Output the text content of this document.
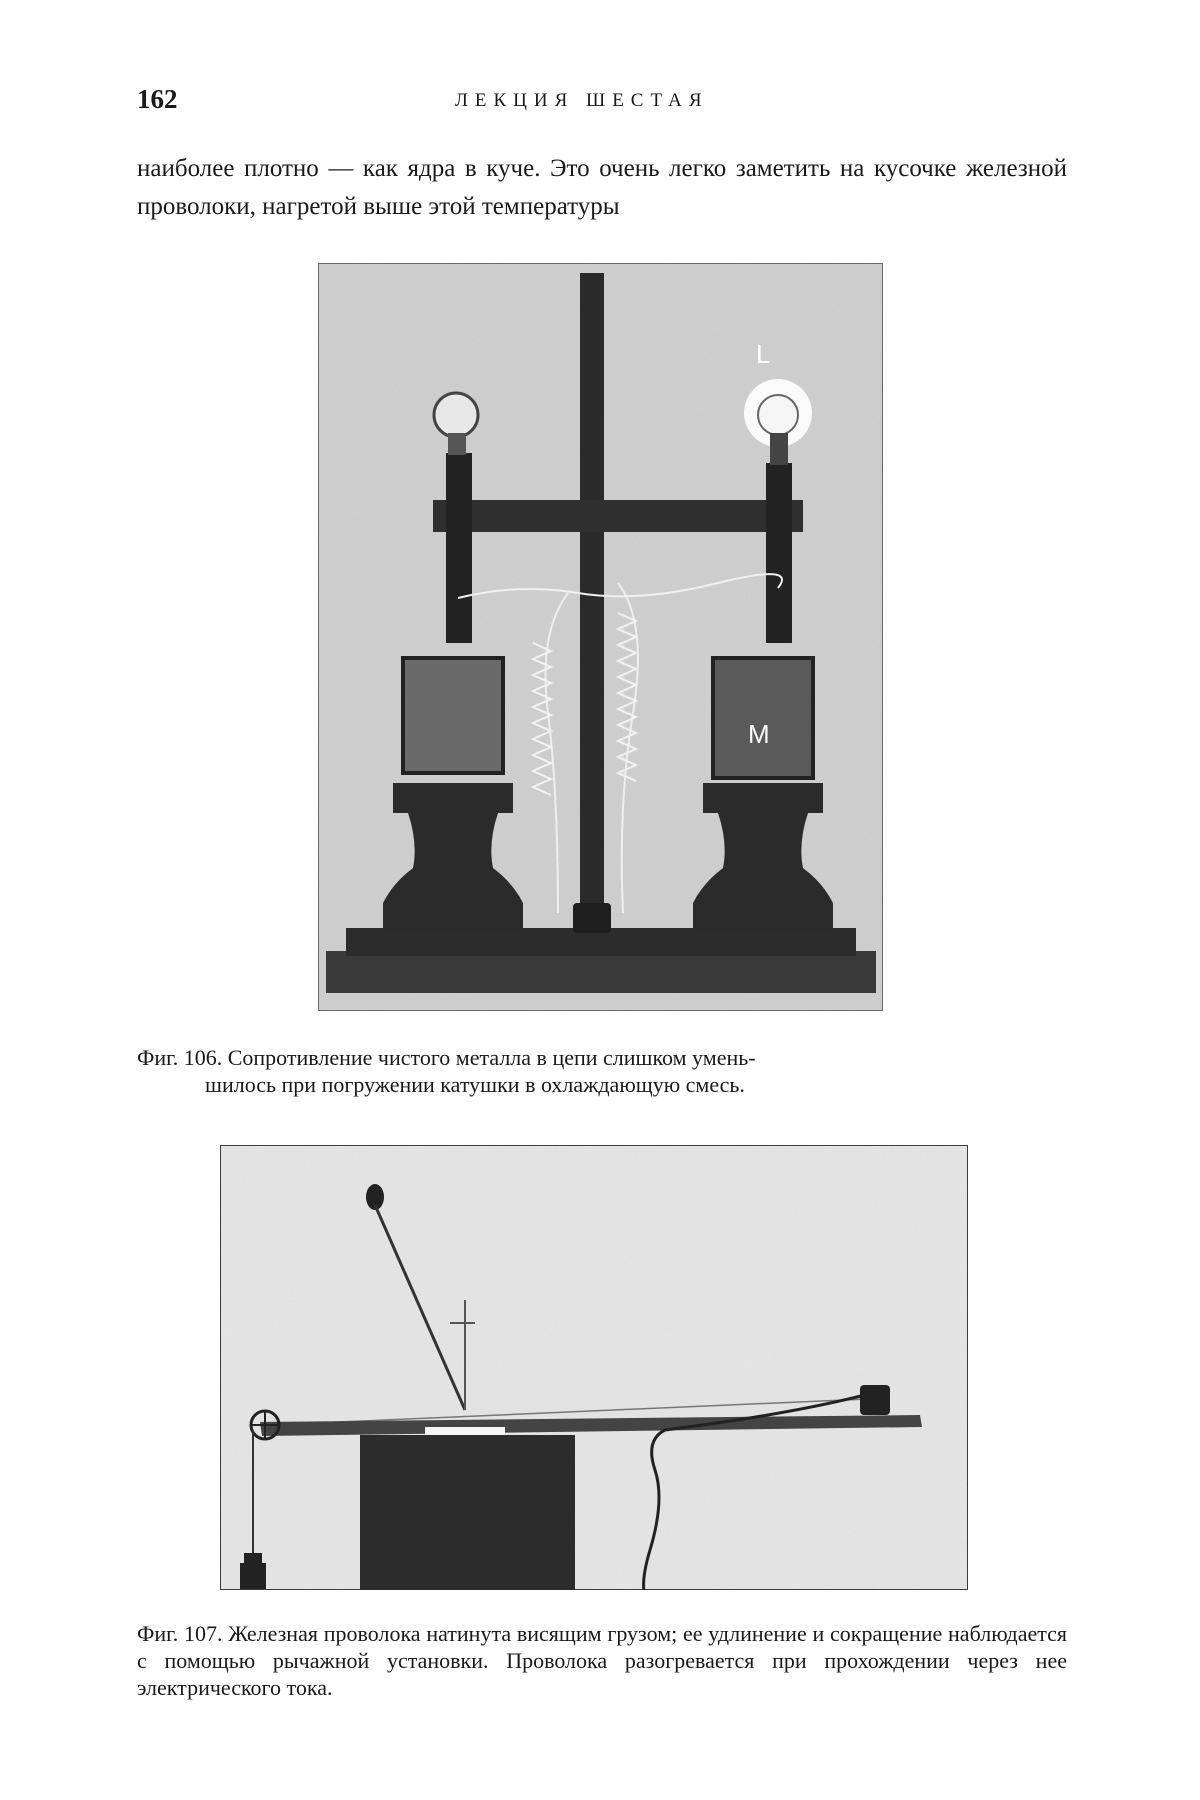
162	ЛЕКЦИЯ ШЕСТАЯ
наиболее плотно — как ядра в куче. Это очень легко заметить на кусочке железной проволоки, нагретой выше этой температуры
L
M
Фиг. 106. Сопротивление чистого металла в цепи слишком умень-
шилось при погружении катушки в охлаждающую смесь.
Фиг. 107. Железная проволока натинута висящим грузом; ее удлинение и сокращение наблюдается с помощью рычажной установки. Проволока разогревается при прохождении через нее электрического тока.
